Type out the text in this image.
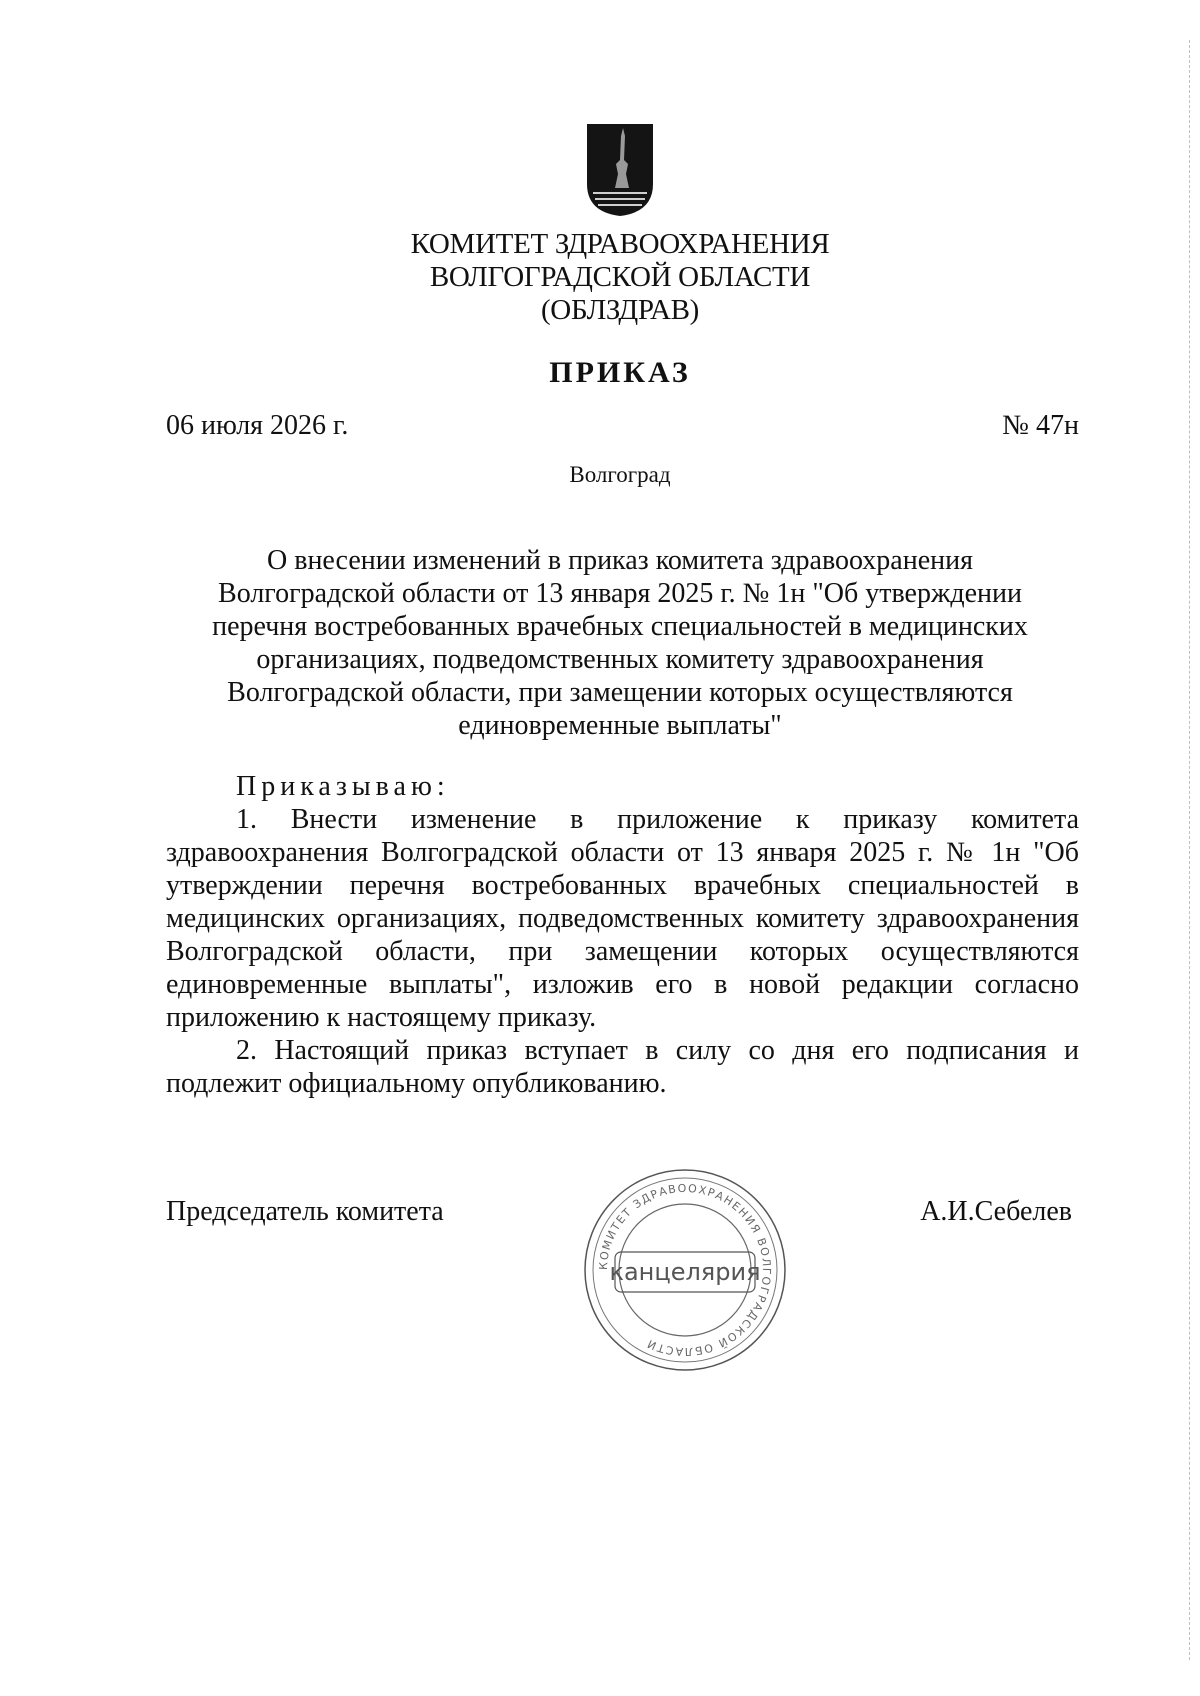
КОМИТЕТ ЗДРАВООХРАНЕНИЯ
ВОЛГОГРАДСКОЙ ОБЛАСТИ
(ОБЛЗДРАВ)
ПРИКАЗ
06 июля 2026 г.	№ 47н
Волгоград
О внесении изменений в приказ комитета здравоохранения
Волгоградской области от 13 января 2025 г. № 1н "Об утверждении
перечня востребованных врачебных специальностей в медицинских
организациях, подведомственных комитету здравоохранения
Волгоградской области, при замещении которых осуществляются
единовременные выплаты"
Приказываю:

1. Внести изменение в приложение к приказу комитета здравоохранения Волгоградской области от 13 января 2025 г. № 1н "Об утверждении перечня востребованных врачебных специальностей в медицинских организациях, подведомственных комитету здравоохранения Волгоградской области, при замещении которых осуществляются единовременные выплаты", изложив его в новой редакции согласно приложению к настоящему приказу.

2. Настоящий приказ вступает в силу со дня его подписания и подлежит официальному опубликованию.

Председатель комитета	А.И.Себелев
КОМИТЕТ ЗДРАВООХРАНЕНИЯ ВОЛГОГРАДСКОЙ ОБЛАСТИ
канцелярия
